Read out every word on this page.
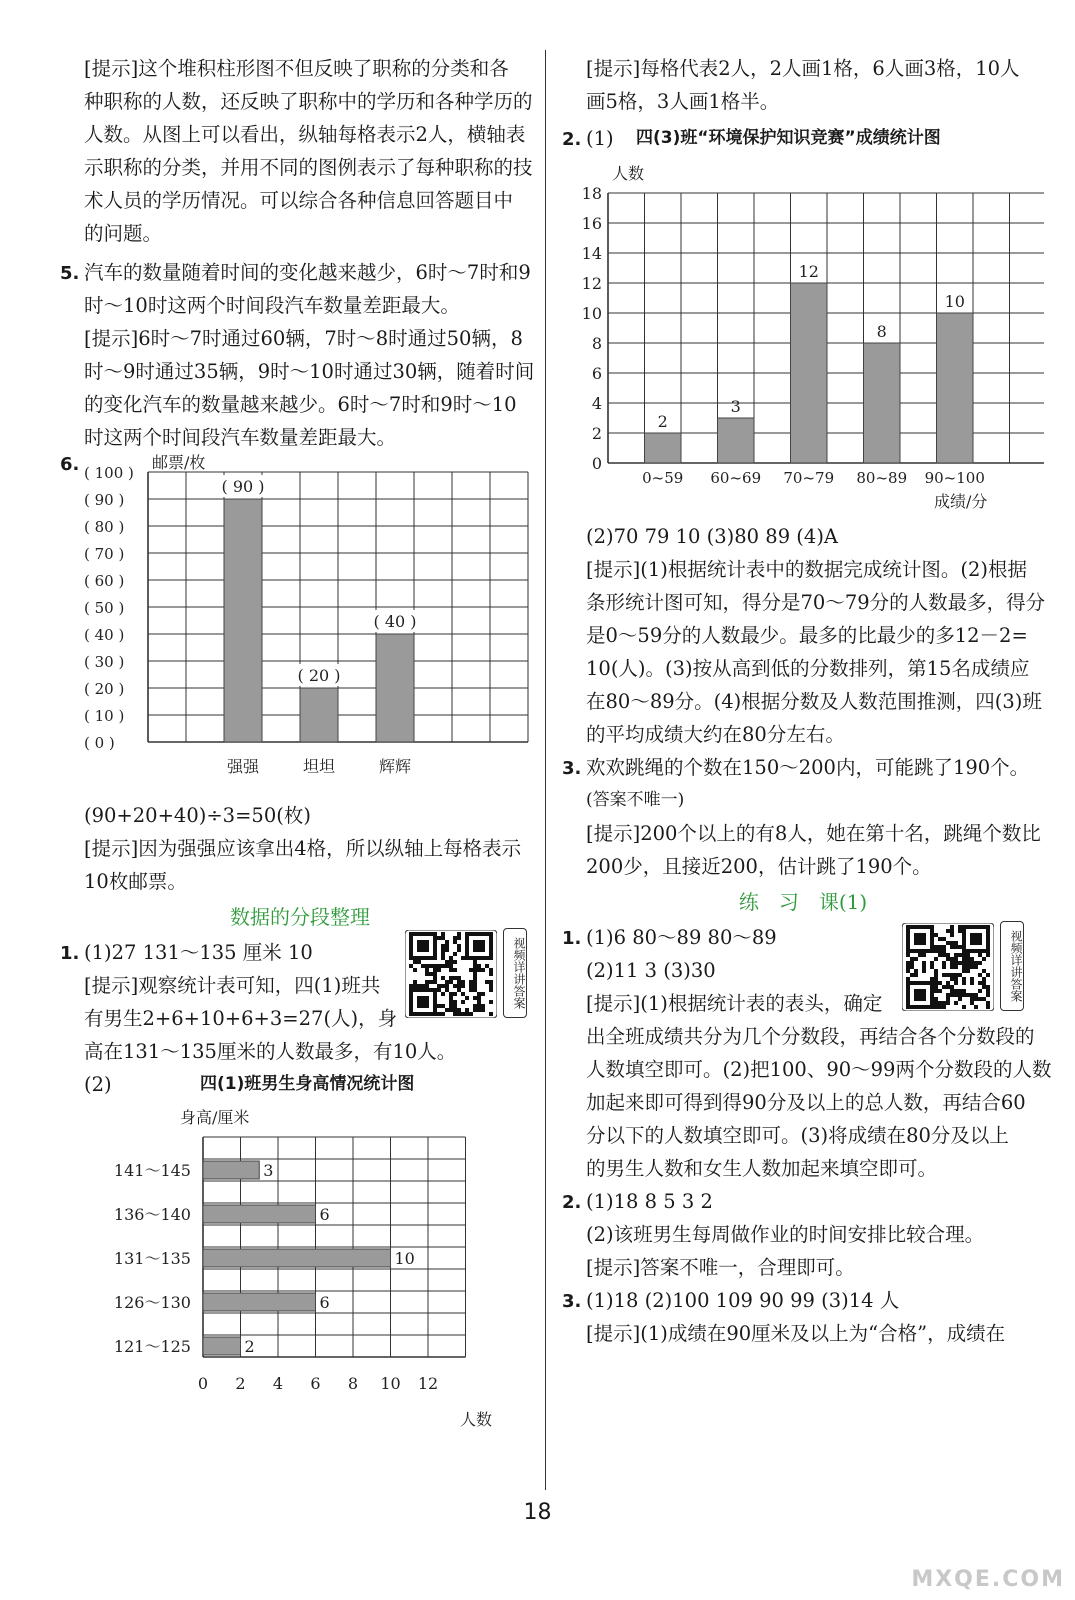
[提示]这个堆积柱形图不但反映了职称的分类和各
种职称的人数，还反映了职称中的学历和各种学历的
人数。从图上可以看出，纵轴每格表示2人，横轴表
示职称的分类，并用不同的图例表示了每种职称的技
术人员的学历情况。可以综合各种信息回答题目中
的问题。
5. 汽车的数量随着时间的变化越来越少，6时～7时和9
时～10时这两个时间段汽车数量差距最大。
[提示]6时～7时通过60辆，7时～8时通过50辆，8
时～9时通过35辆，9时～10时通过30辆，随着时间
的变化汽车的数量越来越少。6时～7时和9时～10
时这两个时间段汽车数量差距最大。
6.	邮票/枚
( 100 )
( 90 )
( 80 )
( 70 )
( 60 )
( 50 )
( 40 )
( 30 )
( 20 )
( 10 )
( 0 )
( 90 )
( 20 )
( 40 )
强强	坦坦	辉辉
(90+20+40)÷3=50(枚)
[提示]因为强强应该拿出4格，所以纵轴上每格表示
10枚邮票。
数据的分段整理
1. (1)27 131～135 厘米 10
[提示]观察统计表可知，四(1)班共
有男生2+6+10+6+3=27(人)，身
高在131～135厘米的人数最多，有10人。
视频详讲答案
(2)	四(1)班男生身高情况统计图
身高/厘米
3
6
10
6
2
141～145
136～140
131～135
126～130
121～125
0 2 4 6 8 10 12
人数
[提示]每格代表2人，2人画1格，6人画3格，10人
画5格，3人画1格半。
2. (1) 四(3)班“环境保护知识竞赛”成绩统计图
人数
0
2
4
6
8
10
12
14
16
18
2
3
12
8
10
0~59 60~69 70~79 80~89 90~100
成绩/分
(2)70 79 10 (3)80 89 (4)A
[提示](1)根据统计表中的数据完成统计图。(2)根据
条形统计图可知，得分是70～79分的人数最多，得分
是0～59分的人数最少。最多的比最少的多12－2=
10(人)。(3)按从高到低的分数排列，第15名成绩应
在80～89分。(4)根据分数及人数范围推测，四(3)班
的平均成绩大约在80分左右。
3. 欢欢跳绳的个数在150～200内，可能跳了190个。
(答案不唯一)
[提示]200个以上的有8人，她在第十名，跳绳个数比
200少，且接近200，估计跳了190个。
练　习　课(1)
1. (1)6 80～89 80～89
(2)11 3 (3)30
[提示](1)根据统计表的表头，确定
出全班成绩共分为几个分数段，再结合各个分数段的
人数填空即可。(2)把100、90～99两个分数段的人数
加起来即可得到得90分及以上的总人数，再结合60
分以下的人数填空即可。(3)将成绩在80分及以上
的男生人数和女生人数加起来填空即可。
视频详讲答案
2. (1)18 8 5 3 2
(2)该班男生每周做作业的时间安排比较合理。
[提示]答案不唯一，合理即可。
3. (1)18 (2)100 109 90 99 (3)14 人
[提示](1)成绩在90厘米及以上为“合格”，成绩在
18
MXQE.COM
